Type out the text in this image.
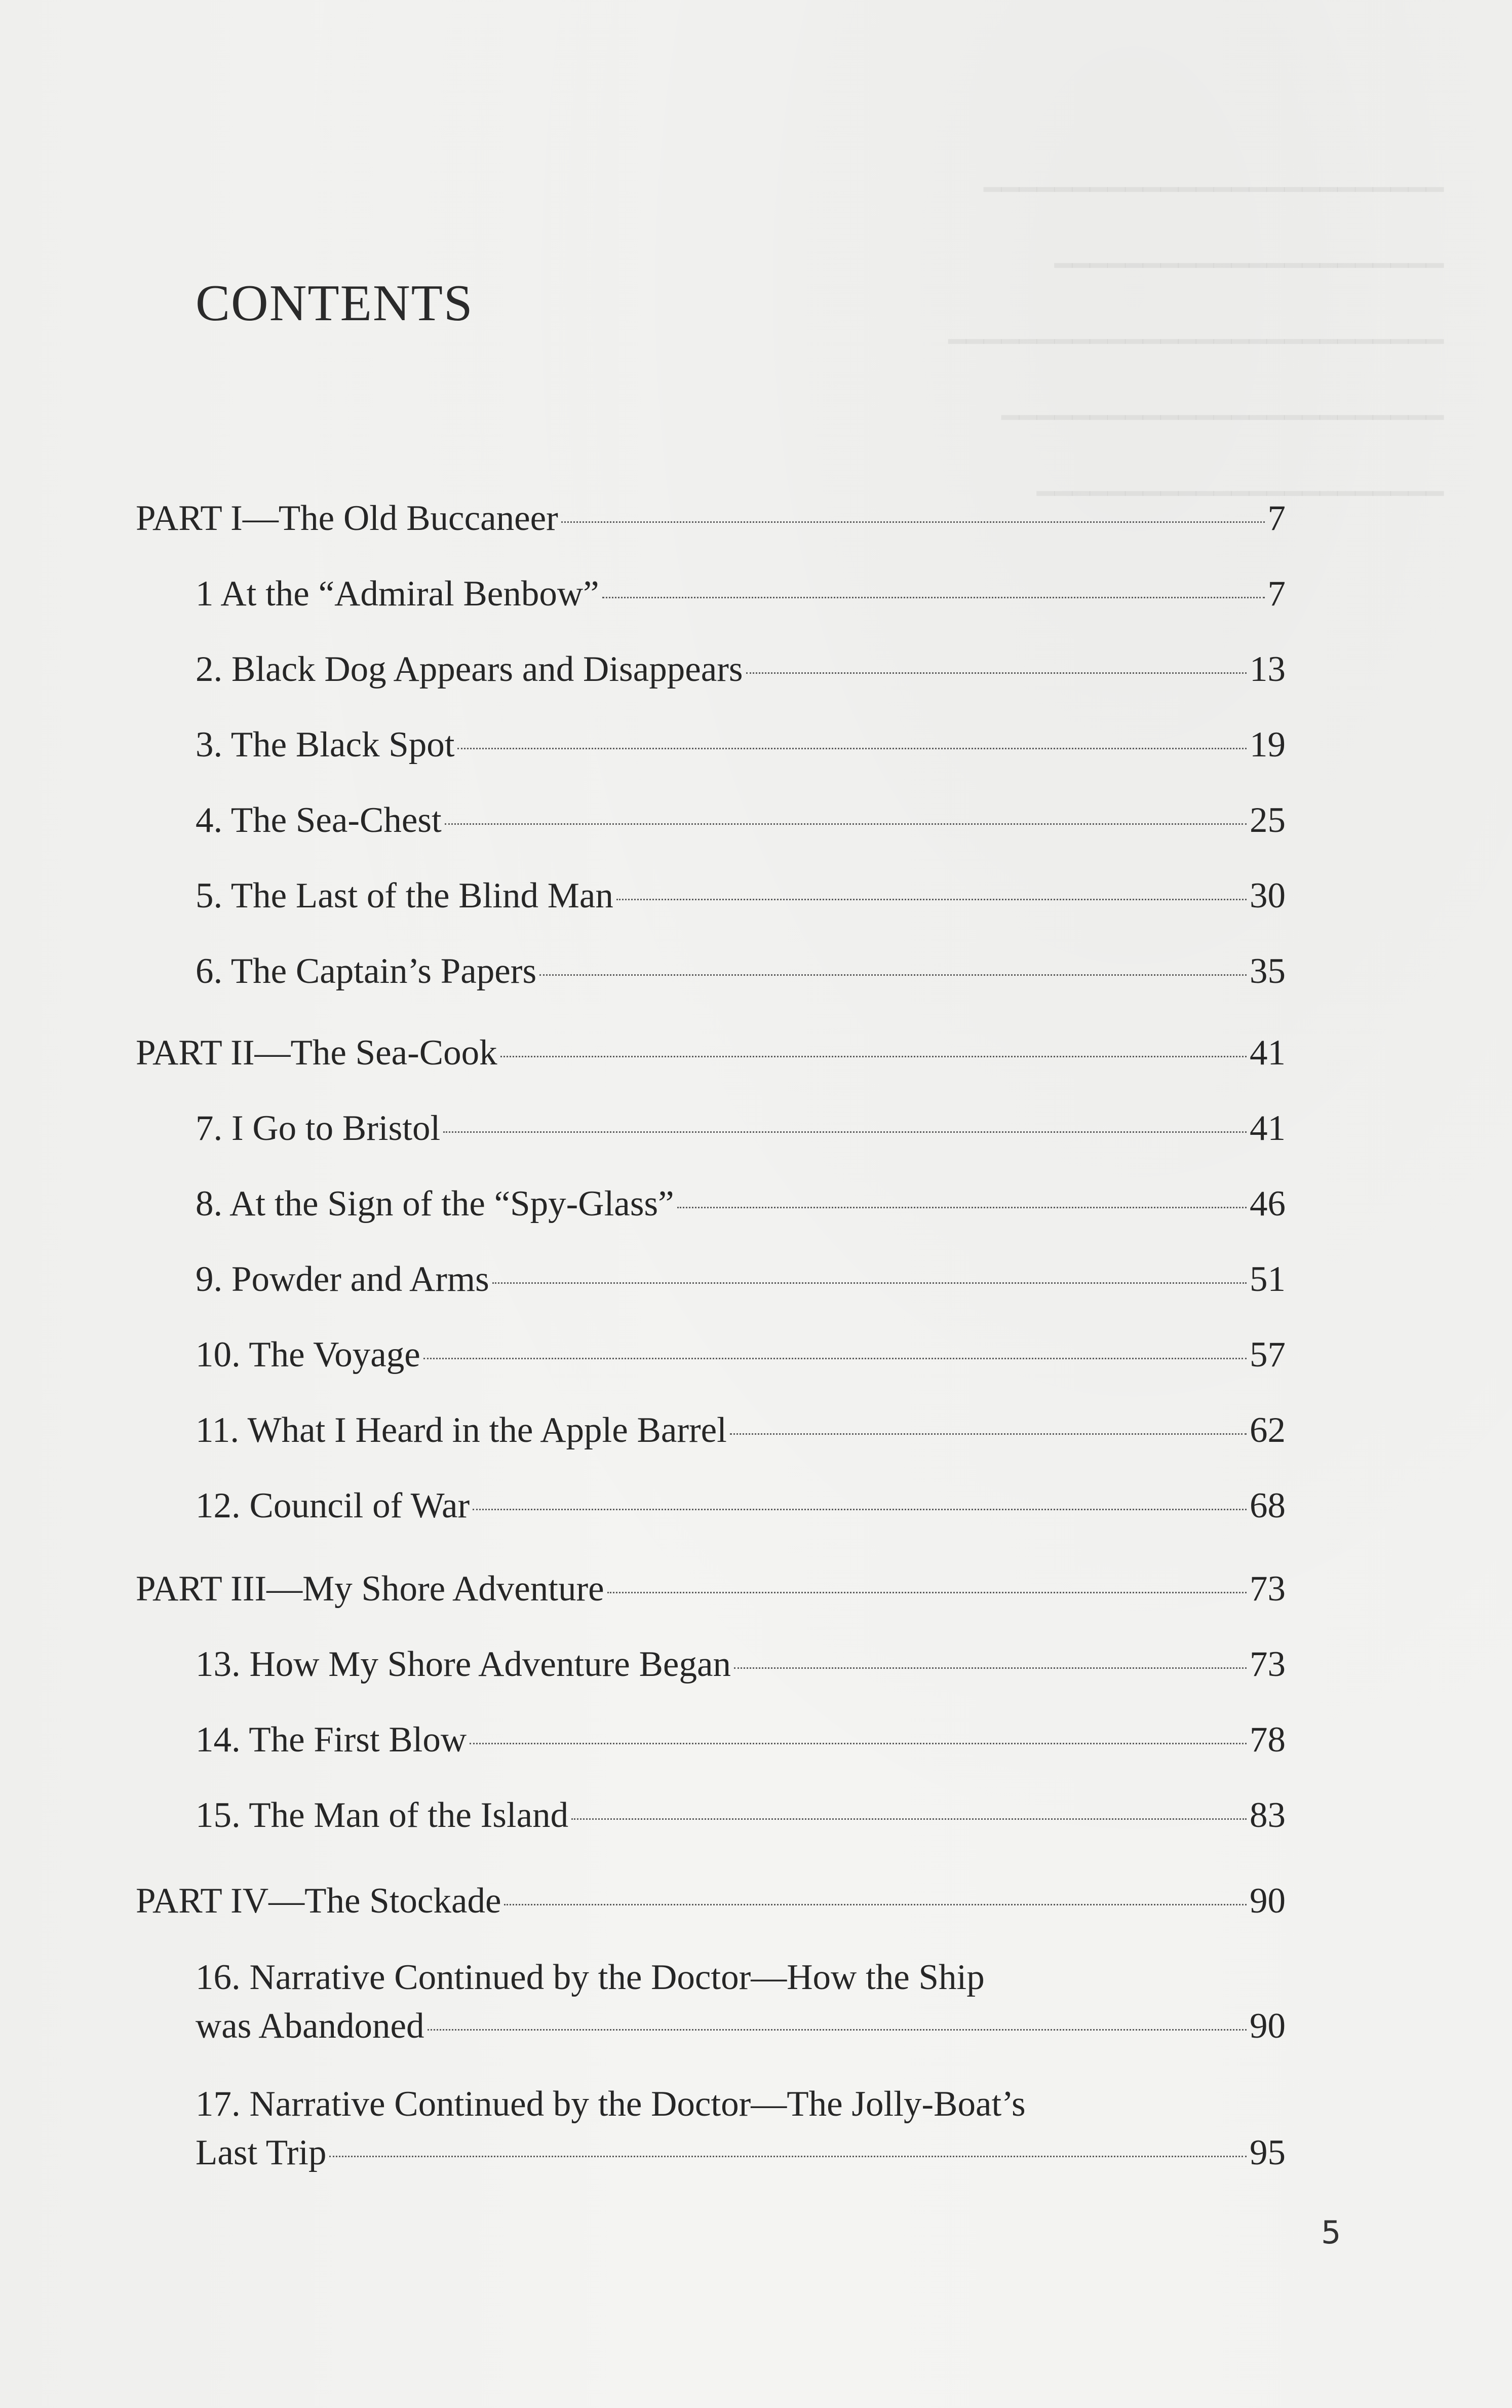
━━━━━━━━━━━━━━━━━━━━━━━━━━
━━━━━━━━━━━━━━━━━━━━━━
━━━━━━━━━━━━━━━━━━━━━━━━━━━━
━━━━━━━━━━━━━━━━━━━━━━━━━
━━━━━━━━━━━━━━━━━━━━━━━
CONTENTS
PART I—The Old Buccaneer	7
1 At the “Admiral Benbow”	7
2. Black Dog Appears and Disappears	13
3. The Black Spot	19
4. The Sea-Chest	25
5. The Last of the Blind Man	30
6. The Captain’s Papers	35
PART II—The Sea-Cook	41
7. I Go to Bristol	41
8. At the Sign of the “Spy-Glass”	46
9. Powder and Arms	51
10. The Voyage	57
11. What I Heard in the Apple Barrel	62
12. Council of War	68
PART III—My Shore Adventure	73
13. How My Shore Adventure Began	73
14. The First Blow	78
15. The Man of the Island	83
PART IV—The Stockade	90
16. Narrative Continued by the Doctor—How the Ship
was Abandoned	90
17. Narrative Continued by the Doctor—The Jolly-Boat’s
Last Trip	95
5
